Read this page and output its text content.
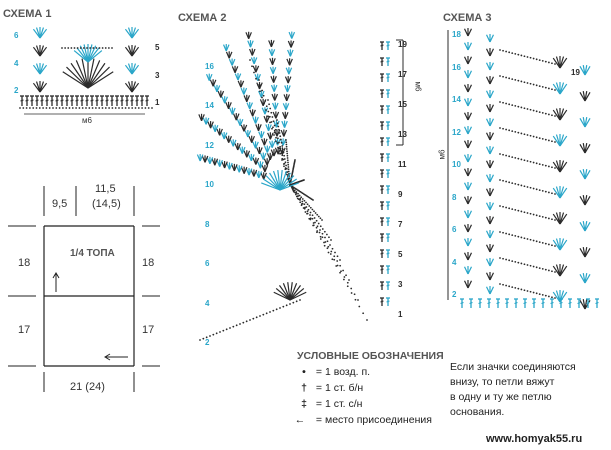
СХЕМА 1
6
4
2
5
3
1
м6
СХЕМА 2
16
14
12
10
8
6
4
2
19
17
15
13
11
9
7
5
3
1
м6
СХЕМА 3
18
16
14
12
10
8
6
4
2
19
м6
9,5
11,5
(14,5)
18	18
17	17
21 (24)
1/4 ТОПА
УСЛОВНЫЕ ОБОЗНАЧЕНИЯ
• = 1 возд. п.
† = 1 ст. б/н
‡ = 1 ст. с/н
← = место присоединения
Если значки соединяются
внизу, то петли вяжут
в одну и ту же петлю
основания.
www.homyak55.ru
